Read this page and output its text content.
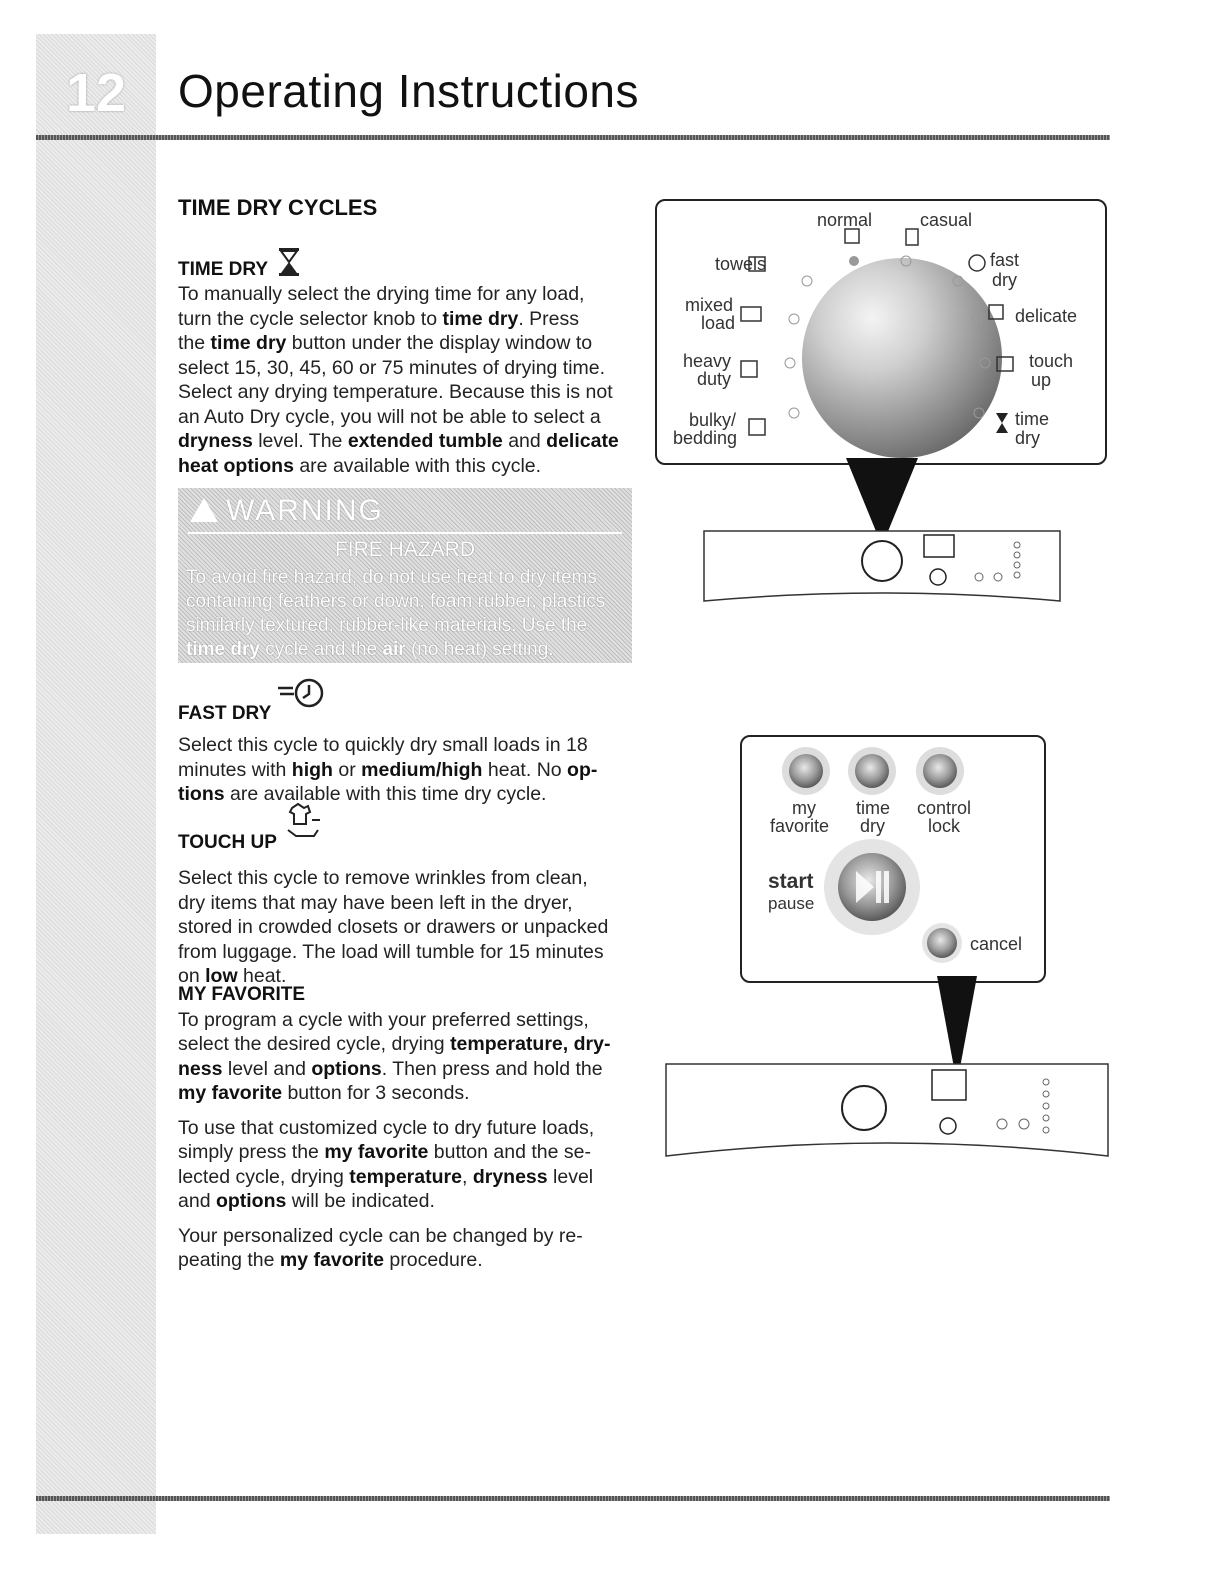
12	Operating Instructions

TIME DRY CYCLES

TIME DRY

To manually select the drying time for any load,
turn the cycle selector knob to time dry. Press
the time dry button under the display window to
select 15, 30, 45, 60 or 75 minutes of drying time.
Select any drying temperature. Because this is not
an Auto Dry cycle, you will not be able to select a
dryness level. The extended tumble and delicate
heat options are available with this cycle.

WARNING
FIRE HAZARD
To avoid fire hazard, do not use heat to dry items
containing feathers or down, foam rubber, plastics
similarly textured, rubber-like materials. Use the
time dry cycle and the air (no heat) setting.

FAST DRY

Select this cycle to quickly dry small loads in 18
minutes with high or medium/high heat. No op-
tions are available with this time dry cycle.

TOUCH UP

Select this cycle to remove wrinkles from clean,
dry items that may have been left in the dryer,
stored in crowded closets or drawers or unpacked
from luggage. The load will tumble for 15 minutes
on low heat.

MY FAVORITE

To program a cycle with your preferred settings,
select the desired cycle, drying temperature, dry-
ness level and options. Then press and hold the
my favorite button for 3 seconds.

To use that customized cycle to dry future loads,
simply press the my favorite button and the se-
lected cycle, drying temperature, dryness level
and options will be indicated.

Your personalized cycle can be changed by re-
peating the my favorite procedure.

normal	casual
towels	fast
dry
mixed
load	delicate
heavy
duty
touch
up
bulky/
bedding
time
dry
my
favorite
time
dry
control
lock
start
pause
cancel
